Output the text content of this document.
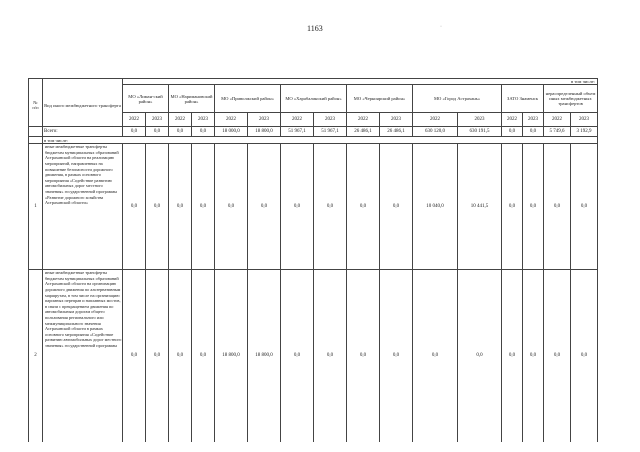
1163	·
		в том числе:															
№
п/п	Вид иного межбюджетного трансферта	МО «Лиман-ский район»		МО «Наримановский район»		МО «Приволжский район»		МО «Харабалинский район»		МО «Черноярский район»		МО «Город Астрахань»		ЗАТО Знаменск		нераспределенный объем иных межбюджетных трансфертов	
		2022	2023	2022	2023	2022	2023	2022	2023	2022	2023	2022	2023	2022	2023	2022	2023
	Всего:	0,0	0,0	0,0	0,0	18 000,0	18 800,0	51 967,1	51 967,1	26 486,1	26 486,1	630 120,0	630 191,5	0,0	0,0	5 749,6	3 192,9
	в том числе:																
1	иные межбюджетные трансферты бюджетам муниципальных образований Астраханской области на реализацию мероприятий, направленных на повышение безопасности дорожного движения, в рамках основного мероприятия «Содействие развитию автомобильных дорог местного значения» государственной программы «Развитие дорожного хозяйства Астраханской области»	0,0	0,0	0,0	0,0	0,0	0,0	0,0	0,0	0,0	0,0	10 040,0	10 441,5	0,0	0,0	0,0	0,0
2	иные межбюджетные трансферты бюджетам муниципальных образований Астраханской области на организацию дорожного движения по альтернативным маршрутам, в том числе на организацию паромных переправ и наплавных мостов, в связи с прекращением движения по автомобильным дорогам общего пользования регионального или межмуниципального значения Астраханской области в рамках основного мероприятия «Содействие развитию автомобильных дорог местного значения» государственной программы	0,0	0,0	0,0	0,0	18 800,0	18 800,0	0,0	0,0	0,0	0,0	0,0	0,0	0,0	0,0	0,0	0,0
